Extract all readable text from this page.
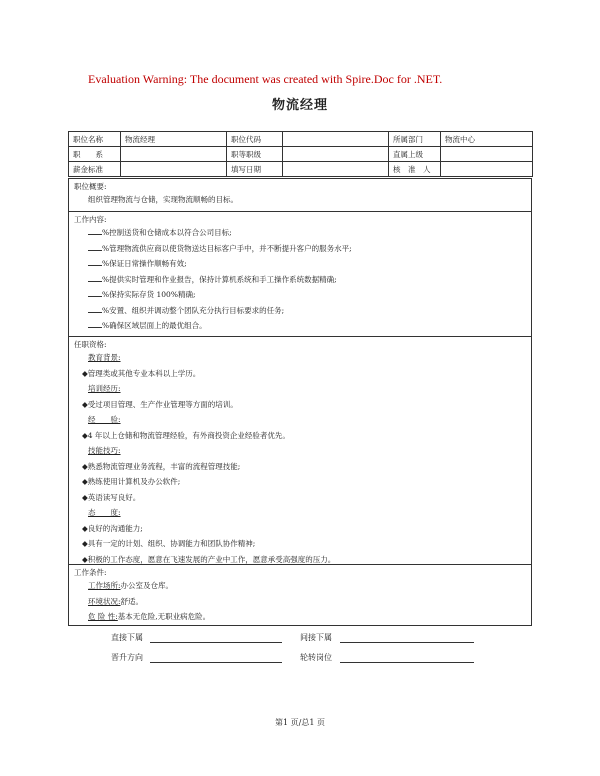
Evaluation Warning: The document was created with Spire.Doc for .NET.
物流经理
职位名称	物流经理	职位代码		所属部门	物流中心
职　　系		职等职级		直属上级	
薪金标准		填写日期		核　准　人	
职位概要:
组织管理物流与仓储，实现物流顺畅的目标。
工作内容:
%控制送货和仓储成本以符合公司目标;
%管理物流供应商以使货物送达目标客户手中，并不断提升客户的服务水平;
%保证日常操作顺畅有效;
%提供实时管理和作业报告，保持计算机系统和手工操作系统数据精确;
%保持实际存货 100%精确;
%安置、组织并调动整个团队充分执行目标要求的任务;
%确保区域层面上的最优组合。
任职资格:
教育背景:
◆管理类或其他专业本科以上学历。
培训经历:
◆受过项目管理、生产作业管理等方面的培训。
经　　验:
◆4 年以上仓储和物流管理经验，有外商投资企业经验者优先。
技能技巧:
◆熟悉物流管理业务流程，丰富的流程管理技能;
◆熟练使用计算机及办公软件;
◆英语读写良好。
态　　度:
◆良好的沟通能力;
◆具有一定的计划、组织、协调能力和团队协作精神;
◆积极的工作态度，愿意在飞速发展的产业中工作，愿意承受高强度的压力。
工作条件:
工作场所:办公室及仓库。
环境状况:舒适。
危 险 性:基本无危险,无职业病危险。
直接下属	间接下属
晋升方向	轮转岗位
第1 页/总1 页
